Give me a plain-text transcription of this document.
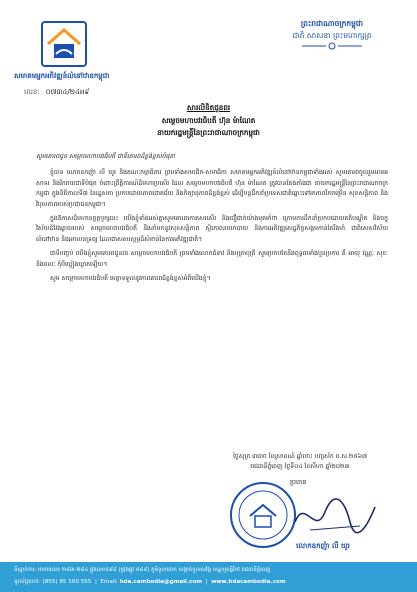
ព្រះរាជាណាចក្រកម្ពុជា
ជាតិ សាសនា ព្រះមហាក្សត្រ
សមាគមអ្នកអភិវឌ្ឍន៍លំនៅឋានកម្ពុជា
លេខៈ ០៧៣៤/២៤អ៩
សារលិខិតជូនពរ
សម្តេចមហាបវរធិបតី ហ៊ុន ម៉ាណែត
នាយករដ្ឋមន្ត្រីនៃព្រះរាជាណាចក្រកម្ពុជា

សូមគោរពជូន សម្តេចមហាបវរធិបតី ជាទីគោរពដ៏ខ្ពង់ខ្ពស់បំផុត!

ខ្ញុំបាទ លោកឧកញ៉ា លី យូរ និងគណៈកម្មាធិការ ព្រមទាំងសមាជិក-សមាជិកា សមាគមអ្នកអភិវឌ្ឍន៍លំនៅឋានកម្ពុជាទាំងអស់ សូមគោរពចូលរួមអបអរសាទរ និងរីករាយជាទីបំផុត ចំពោះព្រឹត្តិការណ៍ដ៏មហាប្រសើរ ដែល សម្តេចមហាបវរធិបតី ហ៊ុន ម៉ាណែត ត្រូវបានតែងតាំងជា នាយករដ្ឋមន្ត្រីនៃព្រះរាជាណាចក្រកម្ពុជា ក្នុងនីតិកាលទី៧ នៃរដ្ឋសភា ប្រកបដោយភាពជោគជ័យ និងកិត្យានុភាពដ៏ខ្ពង់ខ្ពស់ ដើម្បីបន្តដឹកនាំប្រទេសជាតិឆ្ពោះទៅរកភាពរីកចម្រើន សុខសន្តិភាព និងវិបុលភាពរបស់ប្រជាជនកម្ពុជា។

ក្នុងឱកាសដ៏មហានក្ខត្តឫក្សនេះ យើងខ្ញុំទាំងអស់គ្នាសូមគោរពកោតសរសើរ និងជឿជាក់យ៉ាងមុតមាំថា ក្រោមការដឹកនាំប្រកបដោយគតិបណ្ឌិត និងចក្ខុវិស័យដ៏វែងឆ្ងាយរបស់ សម្តេចមហាបវរធិបតី នឹងនាំមកនូវសុខសន្តិភាព ស្ថិរភាពនយោបាយ និងការអភិវឌ្ឍសេដ្ឋកិច្ចសង្គមកាន់តែរឹងមាំ ជាពិសេសវិស័យលំនៅឋាន និងអចលនទ្រព្យ ដែលជាសសរស្តម្ភដ៏សំខាន់នៃការអភិវឌ្ឍជាតិ។

ជាទីបញ្ចប់ យើងខ្ញុំសូមគោរពជូនពរ សម្តេចមហាបវរធិបតី ព្រមទាំងលោកជំទាវ និងបុត្រាបុត្រី សូមប្រកបតែនឹងពុទ្ធពរទាំងបួនប្រការ គឺ អាយុ វណ្ណៈ សុខៈ និងពលៈ កុំបីឃ្លៀងឃ្លាតឡើយ។

សូម សម្តេចមហាបវរធិបតី មេត្តាទទួលនូវការគោរពដ៏ខ្ពង់ខ្ពស់អំពីយើងខ្ញុំ។

ថ្ងៃសុក្រ ៣រោច ខែស្រាពណ៍ ឆ្នាំថោះ បញ្ចស័ក ព.ស.២៥៦៧
រាជធានីភ្នំពេញ ថ្ងៃទី០៤ ខែសីហា ឆ្នាំ២០២៣
ប្រធាន
លោកឧកញ៉ា លី យូរ
ទីស្នាក់ការ: អាគារលេខ ២៨៣-២៨៤ ផ្លូវលេខ៥៩៨ (ជ្រុងផ្លូវ ៥៨៩) ភូមិទួលគោក សង្កាត់ទួលសង្កែ ខណ្ឌឫស្សីកែវ រាជធានីភ្នំពេញ
ទូរស័ព្ទលេខ: (855) 85 500 555  |  Email: hda.cambodia@gmail.com  |  www.hdacambodia.com
